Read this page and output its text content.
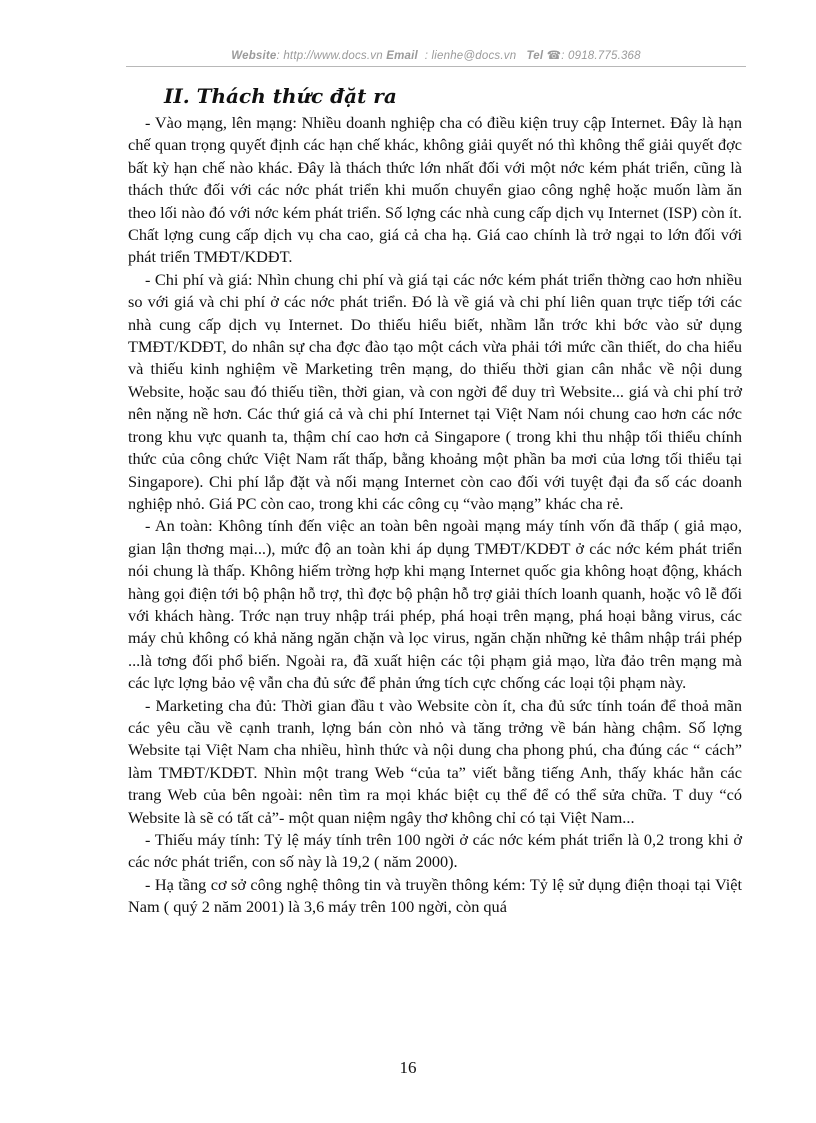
Website: http://www.docs.vn Email : lienhe@docs.vn Tel ☎: 0918.775.368
II. Thách thức đặt ra

- Vào mạng, lên mạng: Nhiều doanh nghiệp cha có điều kiện truy cập Internet. Đây là hạn chế quan trọng quyết định các hạn chế khác, không giải quyết nó thì không thể giải quyết đợc bất kỳ hạn chế nào khác. Đây là thách thức lớn nhất đối với một nớc kém phát triển, cũng là thách thức đối với các nớc phát triển khi muốn chuyển giao công nghệ hoặc muốn làm ăn theo lối nào đó với nớc kém phát triển. Số lợng các nhà cung cấp dịch vụ Internet (ISP) còn ít. Chất lợng cung cấp dịch vụ cha cao, giá cả cha hạ. Giá cao chính là trở ngại to lớn đối với phát triển TMĐT/KDĐT.

- Chi phí và giá: Nhìn chung chi phí và giá tại các nớc kém phát triển thờng cao hơn nhiều so với giá và chi phí ở các nớc phát triển. Đó là về giá và chi phí liên quan trực tiếp tới các nhà cung cấp dịch vụ Internet. Do thiếu hiểu biết, nhầm lẫn trớc khi bớc vào sử dụng TMĐT/KDĐT, do nhân sự cha đợc đào tạo một cách vừa phải tới mức cần thiết, do cha hiểu và thiếu kinh nghiệm về Marketing trên mạng, do thiếu thời gian cân nhắc về nội dung Website, hoặc sau đó thiếu tiền, thời gian, và con ngời để duy trì Website... giá và chi phí trở nên nặng nề hơn. Các thứ giá cả và chi phí Internet tại Việt Nam nói chung cao hơn các nớc trong khu vực quanh ta, thậm chí cao hơn cả Singapore ( trong khi thu nhập tối thiểu chính thức của công chức Việt Nam rất thấp, bằng khoảng một phần ba mơi của lơng tối thiểu tại Singapore). Chi phí lắp đặt và nối mạng Internet còn cao đối với tuyệt đại đa số các doanh nghiệp nhỏ. Giá PC còn cao, trong khi các công cụ “vào mạng” khác cha rẻ.

- An toàn: Không tính đến việc an toàn bên ngoài mạng máy tính vốn đã thấp ( giả mạo, gian lận thơng mại...), mức độ an toàn khi áp dụng TMĐT/KDĐT ở các nớc kém phát triển nói chung là thấp. Không hiếm trờng hợp khi mạng Internet quốc gia không hoạt động, khách hàng gọi điện tới bộ phận hỗ trợ, thì đợc bộ phận hỗ trợ giải thích loanh quanh, hoặc vô lễ đối với khách hàng. Trớc nạn truy nhập trái phép, phá hoại trên mạng, phá hoại bằng virus, các máy chủ không có khả năng ngăn chặn và lọc virus, ngăn chặn những kẻ thâm nhập trái phép ...là tơng đối phổ biến. Ngoài ra, đã xuất hiện các tội phạm giả mạo, lừa đảo trên mạng mà các lực lợng bảo vệ vẫn cha đủ sức để phản ứng tích cực chống các loại tội phạm này.

- Marketing cha đủ: Thời gian đầu t vào Website còn ít, cha đủ sức tính toán để thoả mãn các yêu cầu về cạnh tranh, lợng bán còn nhỏ và tăng trởng về bán hàng chậm. Số lợng Website tại Việt Nam cha nhiều, hình thức và nội dung cha phong phú, cha đúng các “ cách” làm TMĐT/KDĐT. Nhìn một trang Web “của ta” viết bằng tiếng Anh, thấy khác hẳn các trang Web của bên ngoài: nên tìm ra mọi khác biệt cụ thể để có thể sửa chữa. T duy “có Website là sẽ có tất cả”- một quan niệm ngây thơ không chỉ có tại Việt Nam...

- Thiếu máy tính: Tỷ lệ máy tính trên 100 ngời ở các nớc kém phát triển là 0,2 trong khi ở các nớc phát triển, con số này là 19,2 ( năm 2000).

- Hạ tầng cơ sở công nghệ thông tin và truyền thông kém: Tỷ lệ sử dụng điện thoại tại Việt Nam ( quý 2 năm 2001) là 3,6 máy trên 100 ngời, còn quá

16
